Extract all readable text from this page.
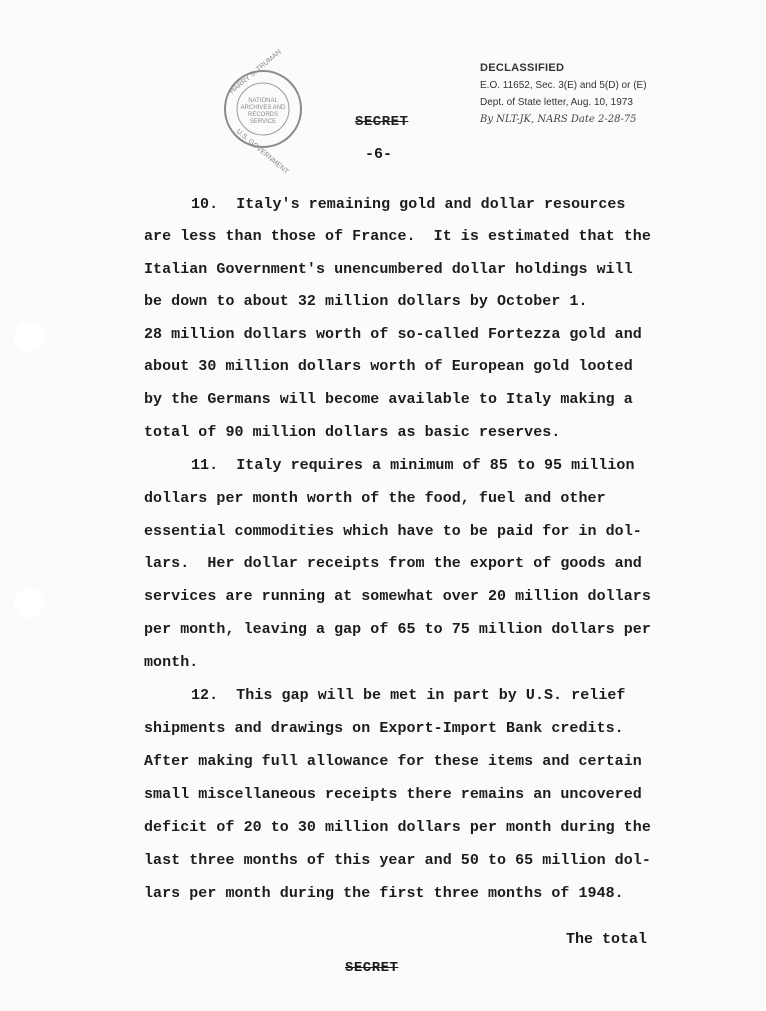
NATIONAL
ARCHIVES AND
RECORDS
SERVICE
U.S. GOVERNMENT
HARRY S. TRUMAN	DECLASSIFIED
E.O. 11652, Sec. 3(E) and 5(D) or (E)
Dept. of State letter, Aug. 10, 1973
By NLT-JK, NARS Date 2-28-75
SECRET
-6-
10.  Italy's remaining gold and dollar resources
are less than those of France.  It is estimated that the
Italian Government's unencumbered dollar holdings will
be down to about 32 million dollars by October 1.
28 million dollars worth of so-called Fortezza gold and
about 30 million dollars worth of European gold looted
by the Germans will become available to Italy making a
total of 90 million dollars as basic reserves.
11.  Italy requires a minimum of 85 to 95 million
dollars per month worth of the food, fuel and other
essential commodities which have to be paid for in dol-
lars.  Her dollar receipts from the export of goods and
services are running at somewhat over 20 million dollars
per month, leaving a gap of 65 to 75 million dollars per
month.
12.  This gap will be met in part by U.S. relief
shipments and drawings on Export-Import Bank credits.
After making full allowance for these items and certain
small miscellaneous receipts there remains an uncovered
deficit of 20 to 30 million dollars per month during the
last three months of this year and 50 to 65 million dol-
lars per month during the first three months of 1948.
The total
SECRET
